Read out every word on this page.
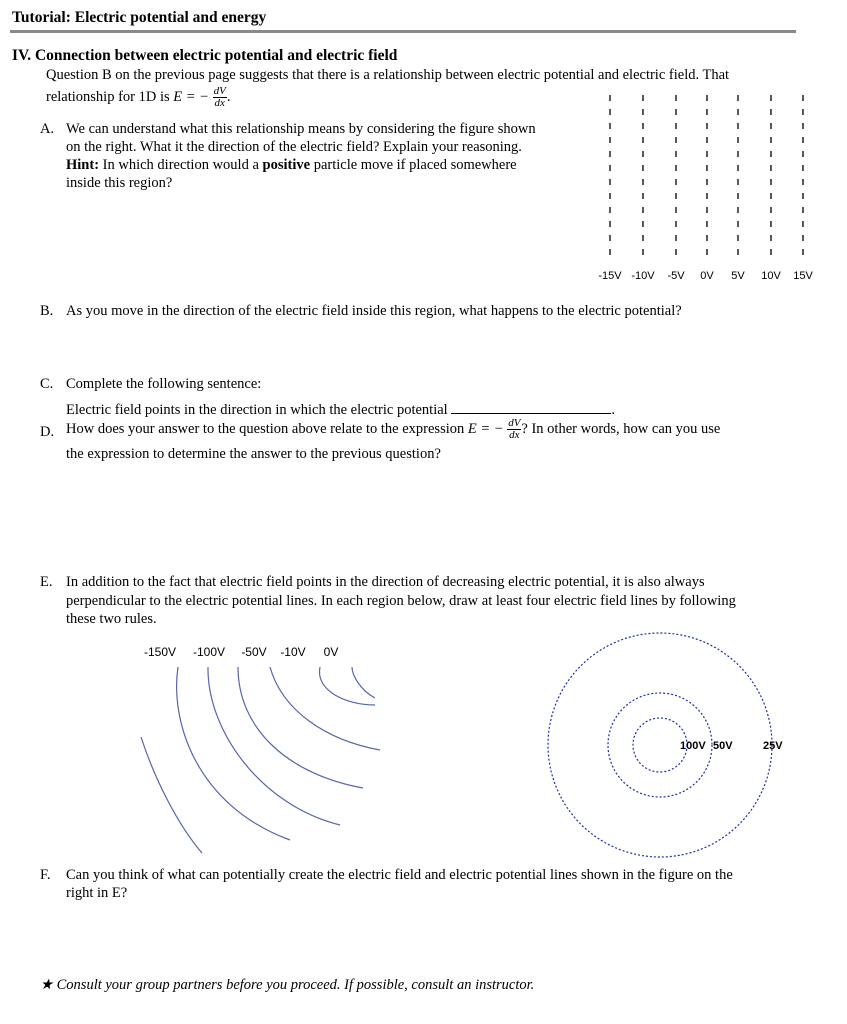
Tutorial: Electric potential and energy
IV. Connection between electric potential and electric field
Question B on the previous page suggests that there is a relationship between electric potential and electric field. That
relationship for 1D is E = − $\frac{dV}{dx}$ .
A. We can understand what this relationship means by considering the figure shown
on the right. What it the direction of the electric field? Explain your reasoning.
Hint: In which direction would a positive particle move if placed somewhere
inside this region?
-15V -10V -5V 0V 5V 10V 15V
B. As you move in the direction of the electric field inside this region, what happens to the electric potential?
C. Complete the following sentence:
Electric field points in the direction in which the electric potential	.
D. How does your answer to the question above relate to the expression E = − $\frac{dV}{dx}$ ? In other words, how can you use
the expression to determine the answer to the previous question?
E. In addition to the fact that electric field points in the direction of decreasing electric potential, it is also always
perpendicular to the electric potential lines. In each region below, draw at least four electric field lines by following
these two rules.
-150V -100V -50V -10V 0V
100V 50V	25V
F. Can you think of what can potentially create the electric field and electric potential lines shown in the figure on the
right in E?
★ Consult your group partners before you proceed. If possible, consult an instructor.
